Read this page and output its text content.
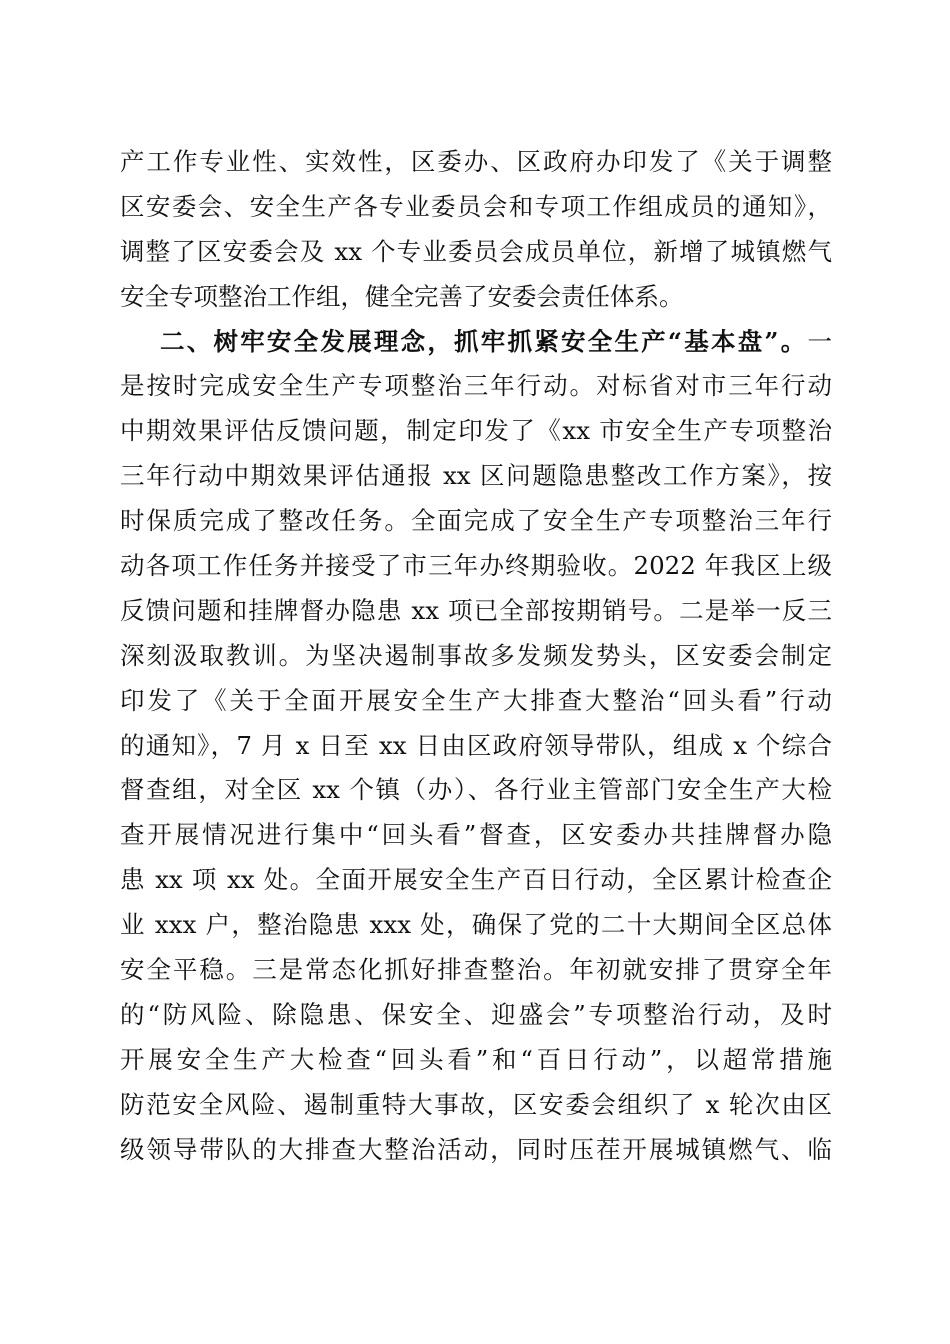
产工作专业性、实效性，区委办、区政府办印发了《关于调整
区安委会、安全生产各专业委员会和专项工作组成员的通知》，
调整了区安委会及 xx 个专业委员会成员单位，新增了城镇燃气
安全专项整治工作组，健全完善了安委会责任体系。
二、树牢安全发展理念，抓牢抓紧安全生产“基本盘”。一
是按时完成安全生产专项整治三年行动。对标省对市三年行动
中期效果评估反馈问题，制定印发了《xx 市安全生产专项整治
三年行动中期效果评估通报 xx 区问题隐患整改工作方案》，按
时保质完成了整改任务。全面完成了安全生产专项整治三年行
动各项工作任务并接受了市三年办终期验收。2022 年我区上级
反馈问题和挂牌督办隐患 xx 项已全部按期销号。二是举一反三
深刻汲取教训。为坚决遏制事故多发频发势头，区安委会制定
印发了《关于全面开展安全生产大排查大整治“回头看”行动
的通知》，7 月 x 日至 xx 日由区政府领导带队，组成 x 个综合
督查组，对全区 xx 个镇（办）、各行业主管部门安全生产大检
查开展情况进行集中“回头看”督查，区安委办共挂牌督办隐
患 xx 项 xx 处。全面开展安全生产百日行动，全区累计检查企
业 xxx 户，整治隐患 xxx 处，确保了党的二十大期间全区总体
安全平稳。三是常态化抓好排查整治。年初就安排了贯穿全年
的“防风险、除隐患、保安全、迎盛会”专项整治行动，及时
开展安全生产大检查“回头看”和“百日行动”，以超常措施
防范安全风险、遏制重特大事故，区安委会组织了 x 轮次由区
级领导带队的大排查大整治活动，同时压茬开展城镇燃气、临
